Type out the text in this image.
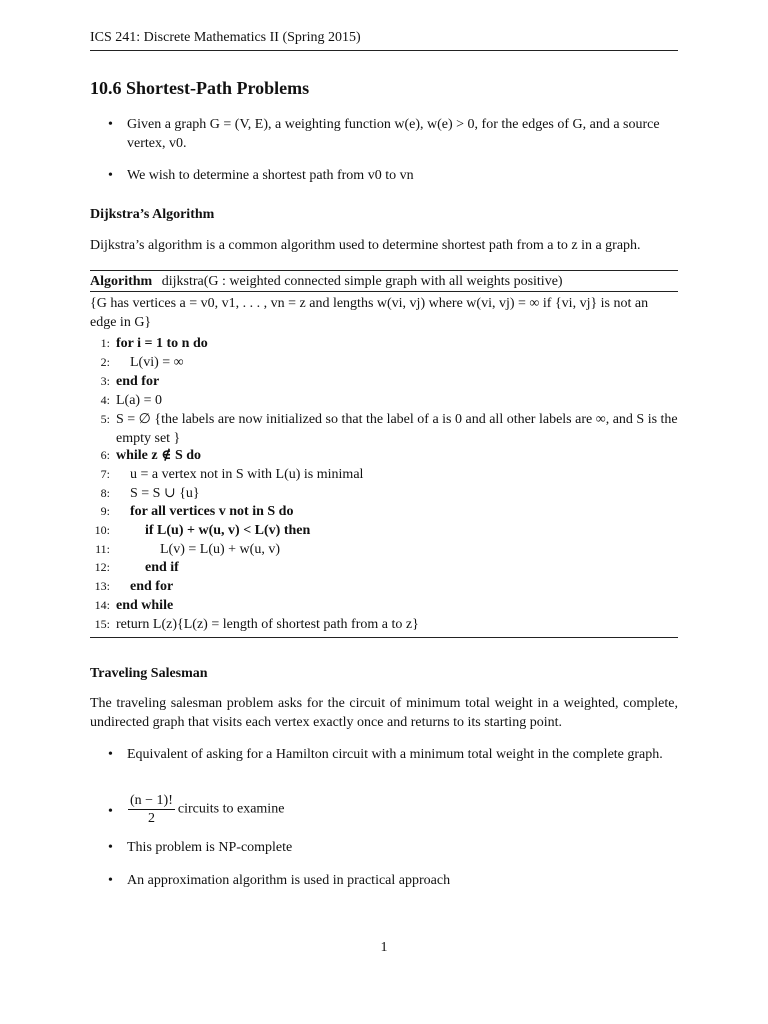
ICS 241: Discrete Mathematics II (Spring 2015)
10.6 Shortest-Path Problems
• Given a graph G = (V, E), a weighting function w(e), w(e) > 0, for the edges of G, and a source vertex, v0.
• We wish to determine a shortest path from v0 to vn
Dijkstra’s Algorithm
Dijkstra’s algorithm is a common algorithm used to determine shortest path from a to z in a graph.
Algorithm dijkstra(G : weighted connected simple graph with all weights positive)
{G has vertices a = v0, v1, . . . , vn = z and lengths w(vi, vj) where w(vi, vj) = ∞ if {vi, vj} is not an edge in G}
1: for i = 1 to n do
2:	L(vi) = ∞
3: end for
4: L(a) = 0
5: S = ∅ {the labels are now initialized so that the label of a is 0 and all other labels are ∞, and S is the empty set }
6: while z ∉ S do
7:	u = a vertex not in S with L(u) is minimal
8:	S = S ∪ {u}
9:	for all vertices v not in S do
10:	if L(u) + w(u, v) < L(v) then
11:	L(v) = L(u) + w(u, v)
12:	end if
13:	end for
14: end while
15: return L(z){L(z) = length of shortest path from a to z}
Traveling Salesman
The traveling salesman problem asks for the circuit of minimum total weight in a weighted, complete, undirected graph that visits each vertex exactly once and returns to its starting point.
• Equivalent of asking for a Hamilton circuit with a minimum total weight in the complete graph.
• $\frac{(n - 1)!}{2}$ circuits to examine
• This problem is NP-complete
• An approximation algorithm is used in practical approach
1
